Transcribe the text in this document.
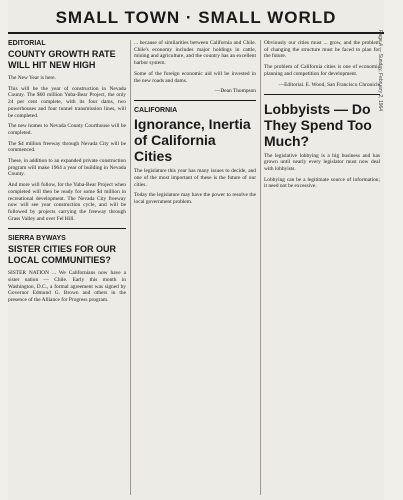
SMALL TOWN · SMALL WORLD
Page 4 — Sunday, February 2, 1964
EDITORIAL
COUNTY GROWTH RATE WILL HIT NEW HIGH

The New Year is here.

This will be the year of construction in Nevada County. The $60 million Yuba-Bear Project, the only 24 per cent complete, with its four dams, two powerhouses and four tunnel transmission lines, will be completed.

The new homes to Nevada County Courthouse will be completed.

The $4 million freeway through Nevada City will be commenced.

These, in addition to an expanded private construction program will make 1964 a year of building in Nevada County.

And more will follow, for the Yuba-Bear Project when completed will then be ready for some $4 million in recreational development. The Nevada City freeway now will see year construction cycle, and will be followed by projects carrying the freeway through Grass Valley and over Fel Hill.

SIERRA BYWAYS
SISTER CITIES FOR OUR LOCAL COMMUNITIES?

SISTER NATION ... We Californians now have a sister nation — Chile. Early this month in Washington, D.C., a formal agreement was signed by Governor Edmund G. Brown and others in the presence of the Alliance for Progress program.

... because of similarities between California and Chile. Chile's economy includes major holdings in cattle, mining and agriculture, and the country has an excellent harbor system.

Some of the foreign economic aid will be invested in the new roads and dams.

—Dean Thompson

CALIFORNIA
Ignorance, Inertia of California Cities

The legislature this year has many issues to decide, and one of the most important of these is the future of our cities.

Today the legislature may have the power to resolve the local government problem.

Obviously our cities must ... grow, and the problem of changing the structure must be faced to plan for the future.

The problem of California cities is one of economic planning and competition for development.

—Editorial. E. Wood, San Francisco Chronicle

Lobbyists — Do They Spend Too Much?

The legislative lobbying is a big business and has grown until nearly every legislator must now deal with lobbyists.

Lobbying can be a legitimate source of information; it need not be excessive.
